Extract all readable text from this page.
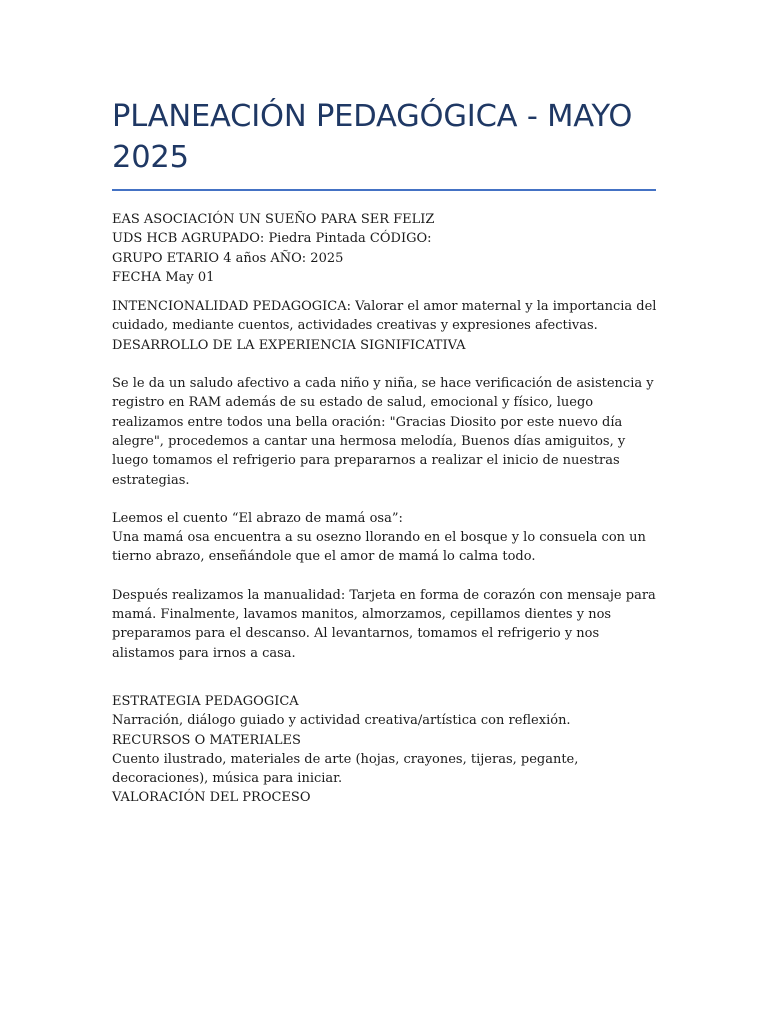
PLANEACIÓN PEDAGÓGICA - MAYO 2025

EAS ASOCIACIÓN UN SUEÑO PARA SER FELIZ

UDS HCB AGRUPADO: Piedra Pintada CÓDIGO:

GRUPO ETARIO 4 años AÑO: 2025

FECHA May 01

INTENCIONALIDAD PEDAGOGICA: Valorar el amor maternal y la importancia del cuidado, mediante cuentos, actividades creativas y expresiones afectivas.

DESARROLLO DE LA EXPERIENCIA SIGNIFICATIVA

Se le da un saludo afectivo a cada niño y niña, se hace verificación de asistencia y registro en RAM además de su estado de salud, emocional y físico, luego realizamos entre todos una bella oración: "Gracias Diosito por este nuevo día alegre", procedemos a cantar una hermosa melodía, Buenos días amiguitos, y luego tomamos el refrigerio para prepararnos a realizar el inicio de nuestras estrategias.

Leemos el cuento “El abrazo de mamá osa”:

Una mamá osa encuentra a su osezno llorando en el bosque y lo consuela con un tierno abrazo, enseñándole que el amor de mamá lo calma todo.

Después realizamos la manualidad: Tarjeta en forma de corazón con mensaje para mamá. Finalmente, lavamos manitos, almorzamos, cepillamos dientes y nos preparamos para el descanso. Al levantarnos, tomamos el refrigerio y nos alistamos para irnos a casa.

ESTRATEGIA PEDAGOGICA

Narración, diálogo guiado y actividad creativa/artística con reflexión.

RECURSOS O MATERIALES

Cuento ilustrado, materiales de arte (hojas, crayones, tijeras, pegante, decoraciones), música para iniciar.

VALORACIÓN DEL PROCESO
